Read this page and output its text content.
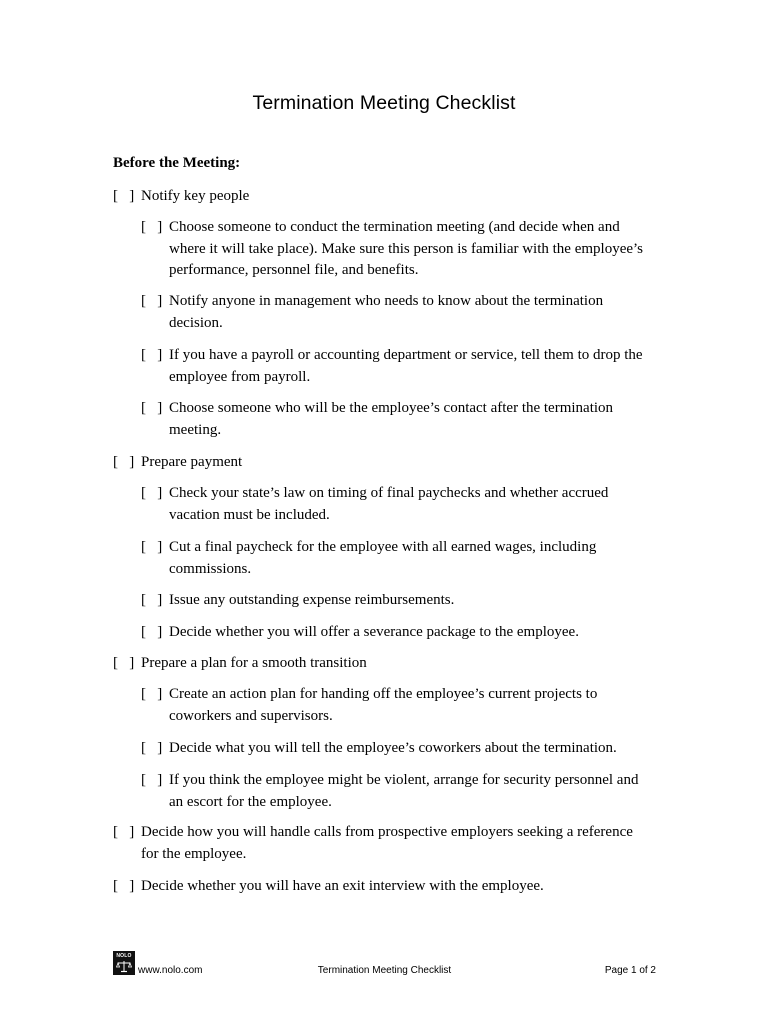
Termination Meeting Checklist
Before the Meeting:
[   ] Notify key people
[   ] Choose someone to conduct the termination meeting (and decide when and where it will take place). Make sure this person is familiar with the employee’s performance, personnel file, and benefits.
[   ] Notify anyone in management who needs to know about the termination decision.
[   ] If you have a payroll or accounting department or service, tell them to drop the employee from payroll.
[   ] Choose someone who will be the employee’s contact after the termination meeting.
[   ] Prepare payment
[   ] Check your state’s law on timing of final paychecks and whether accrued vacation must be included.
[   ] Cut a final paycheck for the employee with all earned wages, including commissions.
[   ] Issue any outstanding expense reimbursements.
[   ] Decide whether you will offer a severance package to the employee.
[   ] Prepare a plan for a smooth transition
[   ] Create an action plan for handing off the employee’s current projects to coworkers and supervisors.
[   ] Decide what you will tell the employee’s coworkers about the termination.
[   ] If you think the employee might be violent, arrange for security personnel and an escort for the employee.
[   ] Decide how you will handle calls from prospective employers seeking a reference for the employee.
[   ] Decide whether you will have an exit interview with the employee.
NOLO
www.nolo.com	Termination Meeting Checklist	Page 1 of 2
